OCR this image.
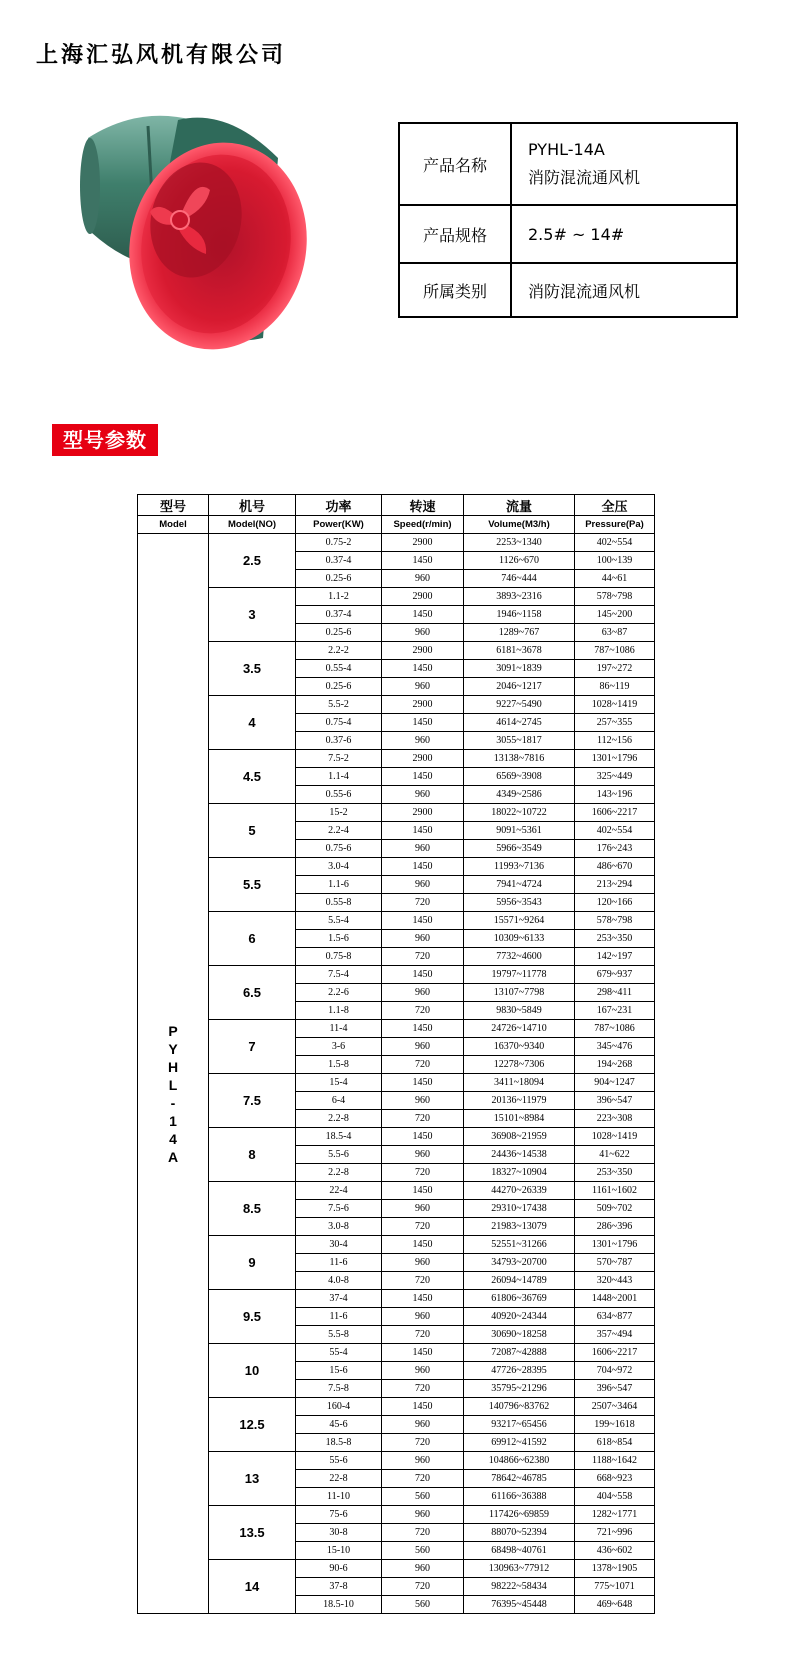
上海汇弘风机有限公司
产品名称	PYHL-14A
消防混流通风机

产品规格	2.5# ~ 14#
所属类别	消防混流通风机
型号参数
型号	机号	功率	转速	流量	全压
Model	Model(NO)	Power(KW)	Speed(r/min)	Volume(M3/h)	Pressure(Pa)

PYHL-14A	2.5	0.75-2	2900	2253~1340	402~554
		0.37-4	1450	1126~670	100~139
		0.25-6	960	746~444	44~61
	3	1.1-2	2900	3893~2316	578~798
		0.37-4	1450	1946~1158	145~200
		0.25-6	960	1289~767	63~87
	3.5	2.2-2	2900	6181~3678	787~1086
		0.55-4	1450	3091~1839	197~272
		0.25-6	960	2046~1217	86~119
	4	5.5-2	2900	9227~5490	1028~1419
		0.75-4	1450	4614~2745	257~355
		0.37-6	960	3055~1817	112~156
	4.5	7.5-2	2900	13138~7816	1301~1796
		1.1-4	1450	6569~3908	325~449
		0.55-6	960	4349~2586	143~196
	5	15-2	2900	18022~10722	1606~2217
		2.2-4	1450	9091~5361	402~554
		0.75-6	960	5966~3549	176~243
	5.5	3.0-4	1450	11993~7136	486~670
		1.1-6	960	7941~4724	213~294
		0.55-8	720	5956~3543	120~166
	6	5.5-4	1450	15571~9264	578~798
		1.5-6	960	10309~6133	253~350
		0.75-8	720	7732~4600	142~197
	6.5	7.5-4	1450	19797~11778	679~937
		2.2-6	960	13107~7798	298~411
		1.1-8	720	9830~5849	167~231
	7	11-4	1450	24726~14710	787~1086
		3-6	960	16370~9340	345~476
		1.5-8	720	12278~7306	194~268
	7.5	15-4	1450	3411~18094	904~1247
		6-4	960	20136~11979	396~547
		2.2-8	720	15101~8984	223~308
	8	18.5-4	1450	36908~21959	1028~1419
		5.5-6	960	24436~14538	41~622
		2.2-8	720	18327~10904	253~350
	8.5	22-4	1450	44270~26339	1161~1602
		7.5-6	960	29310~17438	509~702
		3.0-8	720	21983~13079	286~396
	9	30-4	1450	52551~31266	1301~1796
		11-6	960	34793~20700	570~787
		4.0-8	720	26094~14789	320~443
	9.5	37-4	1450	61806~36769	1448~2001
		11-6	960	40920~24344	634~877
		5.5-8	720	30690~18258	357~494
	10	55-4	1450	72087~42888	1606~2217
		15-6	960	47726~28395	704~972
		7.5-8	720	35795~21296	396~547
	12.5	160-4	1450	140796~83762	2507~3464
		45-6	960	93217~65456	199~1618
		18.5-8	720	69912~41592	618~854
	13	55-6	960	104866~62380	1188~1642
		22-8	720	78642~46785	668~923
		11-10	560	61166~36388	404~558
	13.5	75-6	960	117426~69859	1282~1771
		30-8	720	88070~52394	721~996
		15-10	560	68498~40761	436~602
	14	90-6	960	130963~77912	1378~1905
		37-8	720	98222~58434	775~1071
		18.5-10	560	76395~45448	469~648
